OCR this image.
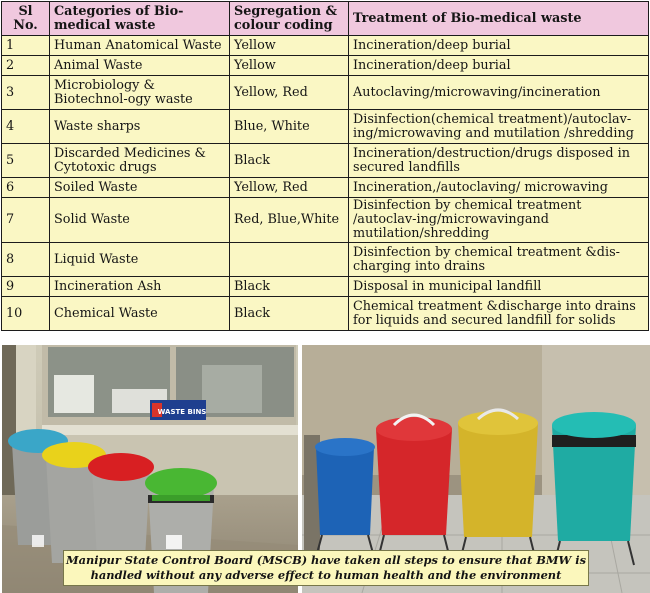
Sl No.	Categories of Bio-medical waste	Segregation & colour coding	Treatment of Bio-medical waste
1	Human Anatomical Waste	Yellow	Incineration/deep burial
2	Animal Waste	Yellow	Incineration/deep burial
3	Microbiology & Biotechnol-ogy waste	Yellow, Red	Autoclaving/microwaving/incineration
4	Waste sharps	Blue, White	Disinfection(chemical treatment)/autoclav-ing/microwaving and mutilation /shredding
5	Discarded Medicines & Cytotoxic drugs	Black	Incineration/destruction/drugs disposed in secured landfills
6	Soiled Waste	Yellow, Red	Incineration,/autoclaving/ microwaving
7	Solid Waste	Red, Blue,White	Disinfection by chemical treatment /autoclav-ing/microwavingand mutilation/shredding
8	Liquid Waste		Disinfection by chemical treatment &dis-charging into drains
9	Incineration Ash	Black	Disposal in municipal landfill
10	Chemical Waste	Black	Chemical treatment &discharge into drains for liquids and secured landfill for solids
WASTE BINS
Manipur State Control Board (MSCB) have taken all steps to ensure that BMW is
handled without any adverse effect to human health and the environment
